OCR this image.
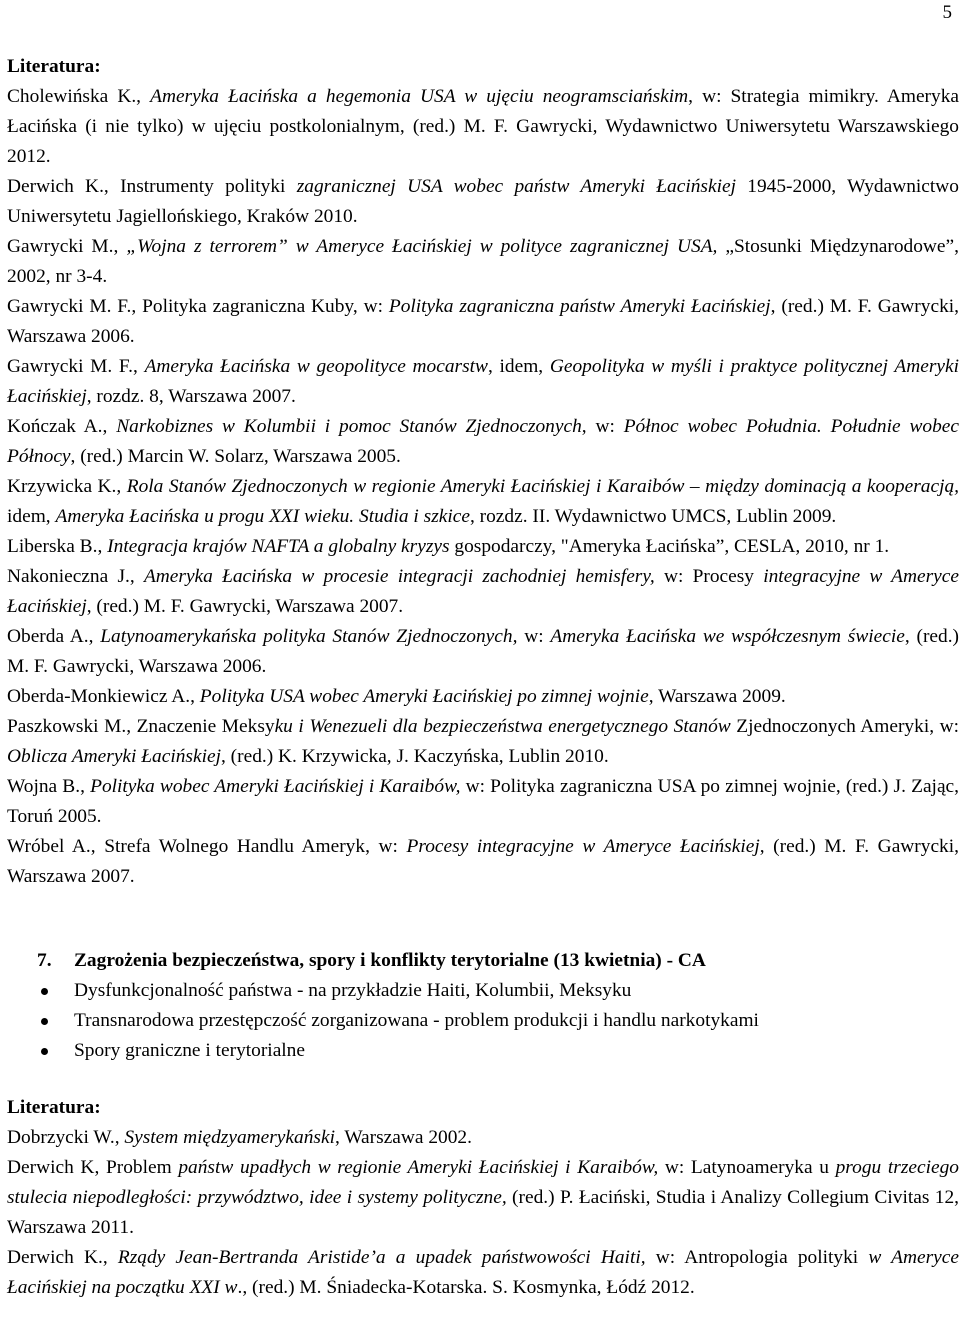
5

Literatura:

Cholewińska K., Ameryka Łacińska a hegemonia USA w ujęciu neogramsciańskim, w: Strategia mimikry. Ameryka Łacińska (i nie tylko) w ujęciu postkolonialnym, (red.) M. F. Gawrycki, Wydawnictwo Uniwersytetu Warszawskiego 2012.

Derwich K., Instrumenty polityki zagranicznej USA wobec państw Ameryki Łacińskiej 1945-2000, Wydawnictwo Uniwersytetu Jagiellońskiego, Kraków 2010.

Gawrycki M., „Wojna z terrorem” w Ameryce Łacińskiej w polityce zagranicznej USA, „Stosunki Międzynarodowe”, 2002, nr 3-4.

Gawrycki M. F., Polityka zagraniczna Kuby, w: Polityka zagraniczna państw Ameryki Łacińskiej, (red.) M. F. Gawrycki, Warszawa 2006.

Gawrycki M. F., Ameryka Łacińska w geopolityce mocarstw, idem, Geopolityka w myśli i praktyce politycznej Ameryki Łacińskiej, rozdz. 8, Warszawa 2007.

Kończak A., Narkobiznes w Kolumbii i pomoc Stanów Zjednoczonych, w: Północ wobec Południa. Południe wobec Północy, (red.) Marcin W. Solarz, Warszawa 2005.

Krzywicka K., Rola Stanów Zjednoczonych w regionie Ameryki Łacińskiej i Karaibów – między dominacją a kooperacją, idem, Ameryka Łacińska u progu XXI wieku. Studia i szkice, rozdz. II. Wydawnictwo UMCS, Lublin 2009.

Liberska B., Integracja krajów NAFTA a globalny kryzys gospodarczy, "Ameryka Łacińska”, CESLA, 2010, nr 1.

Nakonieczna J., Ameryka Łacińska w procesie integracji zachodniej hemisfery, w: Procesy integracyjne w Ameryce Łacińskiej, (red.) M. F. Gawrycki, Warszawa 2007.

Oberda A., Latynoamerykańska polityka Stanów Zjednoczonych, w: Ameryka Łacińska we współczesnym świecie, (red.) M. F. Gawrycki, Warszawa 2006.

Oberda-Monkiewicz A., Polityka USA wobec Ameryki Łacińskiej po zimnej wojnie, Warszawa 2009.

Paszkowski M., Znaczenie Meksyku i Wenezueli dla bezpieczeństwa energetycznego Stanów Zjednoczonych Ameryki, w: Oblicza Ameryki Łacińskiej, (red.) K. Krzywicka, J. Kaczyńska, Lublin 2010.

Wojna B., Polityka wobec Ameryki Łacińskiej i Karaibów, w: Polityka zagraniczna USA po zimnej wojnie, (red.) J. Zając, Toruń 2005.

Wróbel A., Strefa Wolnego Handlu Ameryk, w: Procesy integracyjne w Ameryce Łacińskiej, (red.) M. F. Gawrycki, Warszawa 2007.

7. Zagrożenia bezpieczeństwa, spory i konflikty terytorialne (13 kwietnia) - CA

Dysfunkcjonalność państwa - na przykładzie Haiti, Kolumbii, Meksyku
Transnarodowa przestępczość zorganizowana - problem produkcji i handlu narkotykami
Spory graniczne i terytorialne

Literatura:

Dobrzycki W., System międzyamerykański, Warszawa 2002.

Derwich K, Problem państw upadłych w regionie Ameryki Łacińskiej i Karaibów, w: Latynoameryka u progu trzeciego stulecia niepodległości: przywództwo, idee i systemy polityczne, (red.) P. Łaciński, Studia i Analizy Collegium Civitas 12, Warszawa 2011.

Derwich K., Rządy Jean-Bertranda Aristide’a a upadek państwowości Haiti, w: Antropologia polityki w Ameryce Łacińskiej na początku XXI w., (red.) M. Śniadecka-Kotarska. S. Kosmynka, Łódź 2012.
